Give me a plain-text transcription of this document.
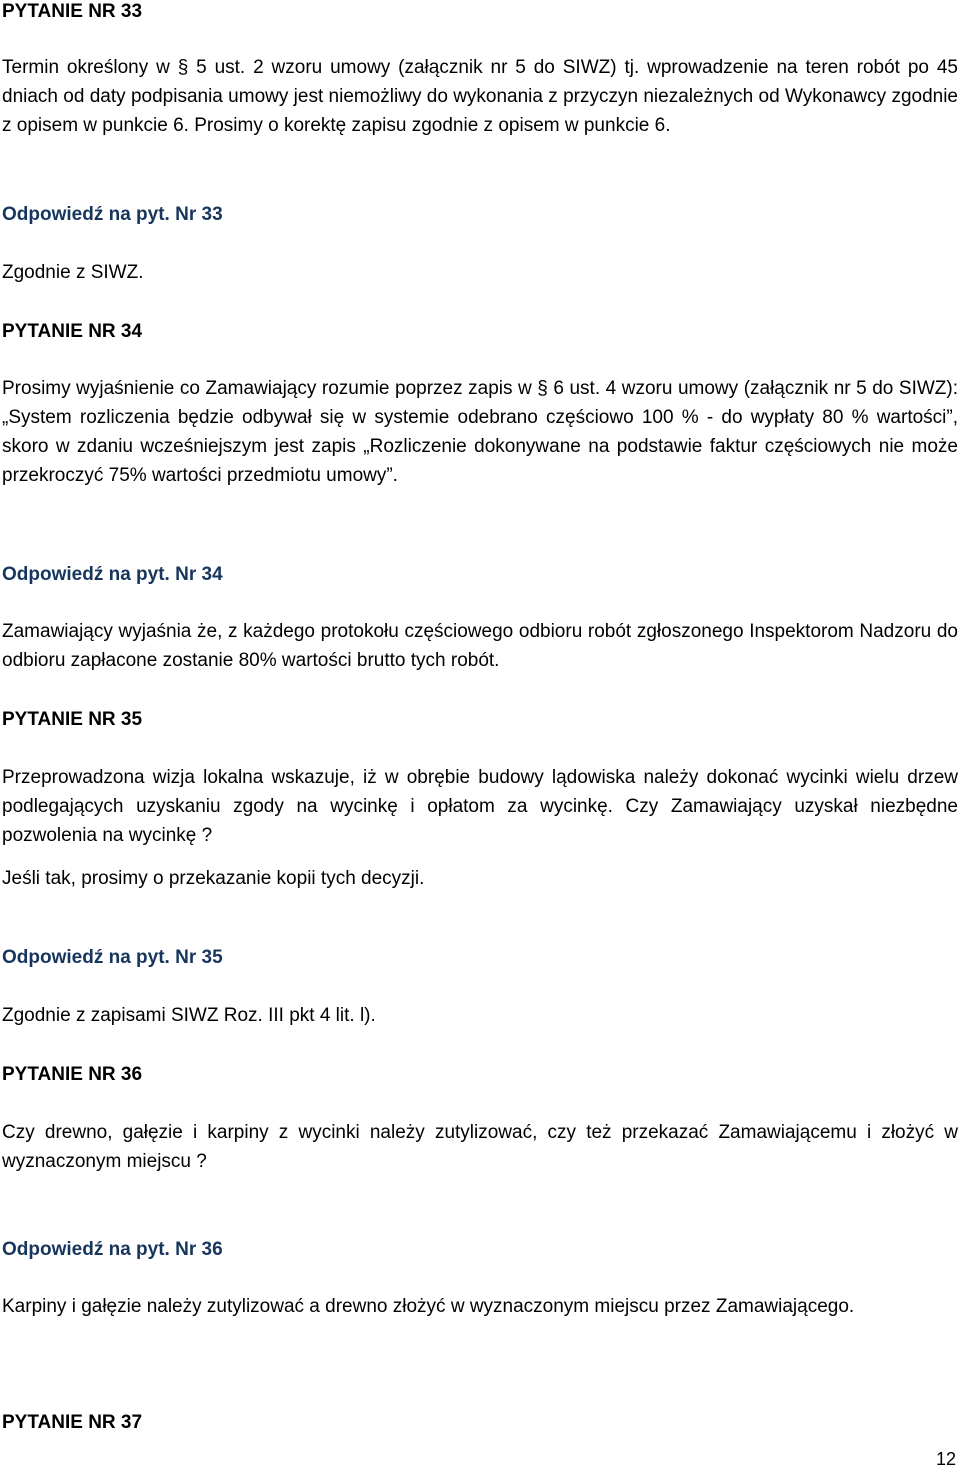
PYTANIE NR 33
Termin określony w § 5 ust. 2 wzoru umowy (załącznik nr 5 do SIWZ) tj. wprowadzenie na teren robót po 45 dniach od daty podpisania umowy jest niemożliwy do wykonania z przyczyn niezależnych od Wykonawcy zgodnie z opisem w punkcie 6. Prosimy o korektę zapisu zgodnie z opisem w punkcie 6.
Odpowiedź na pyt. Nr 33
Zgodnie z SIWZ.
PYTANIE NR 34
Prosimy wyjaśnienie co Zamawiający rozumie poprzez zapis w § 6 ust. 4 wzoru umowy (załącznik nr 5 do SIWZ): „System rozliczenia będzie odbywał się w systemie odebrano częściowo 100 % - do wypłaty 80 % wartości”, skoro w zdaniu wcześniejszym jest zapis „Rozliczenie dokonywane na podstawie faktur częściowych nie może przekroczyć 75% wartości przedmiotu umowy”.
Odpowiedź na pyt. Nr 34
Zamawiający wyjaśnia że, z każdego protokołu częściowego odbioru robót zgłoszonego Inspektorom Nadzoru do odbioru zapłacone zostanie 80% wartości brutto tych robót.
PYTANIE NR 35
Przeprowadzona wizja lokalna wskazuje, iż w obrębie budowy lądowiska należy dokonać wycinki wielu drzew podlegających uzyskaniu zgody na wycinkę i opłatom za wycinkę. Czy Zamawiający uzyskał niezbędne pozwolenia na wycinkę ?
Jeśli tak, prosimy o przekazanie kopii tych decyzji.
Odpowiedź na pyt. Nr 35
Zgodnie z zapisami SIWZ Roz. III pkt 4 lit. l).
PYTANIE NR 36
Czy drewno, gałęzie i karpiny z wycinki należy zutylizować, czy też przekazać Zamawiającemu i złożyć w wyznaczonym miejscu ?
Odpowiedź na pyt. Nr 36
Karpiny i gałęzie należy zutylizować a drewno złożyć w wyznaczonym miejscu przez Zamawiającego.
PYTANIE NR 37
12
